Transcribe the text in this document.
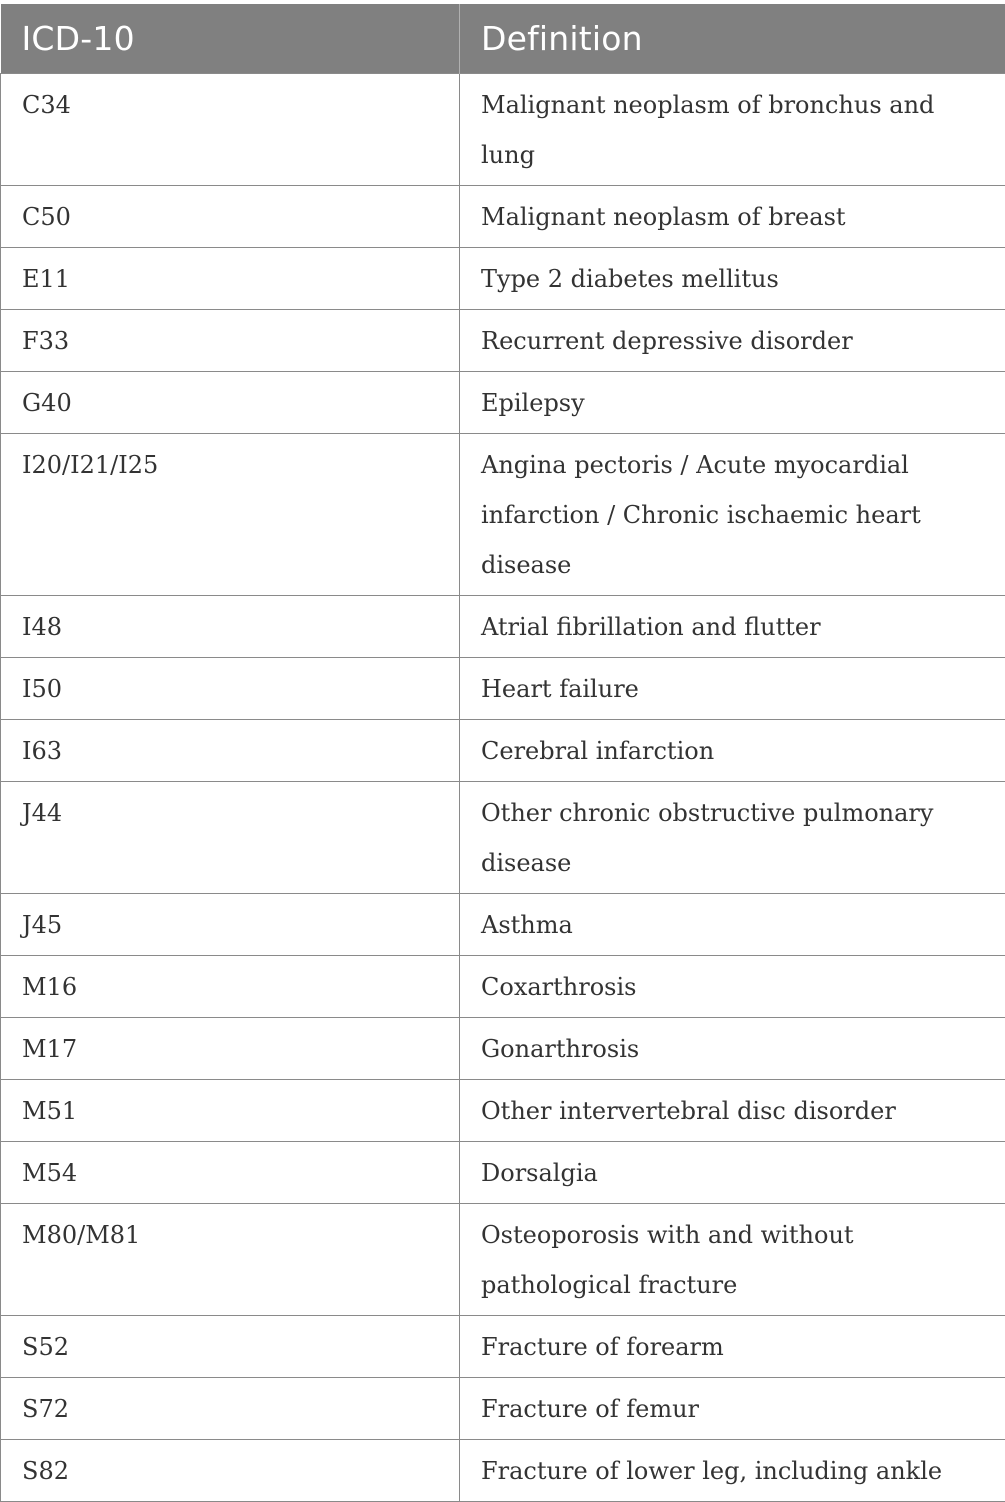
ICD-10	Definition
C34	Malignant neoplasm of bronchus and lung
C50	Malignant neoplasm of breast
E11	Type 2 diabetes mellitus
F33	Recurrent depressive disorder
G40	Epilepsy
I20/I21/I25	Angina pectoris / Acute myocardial infarction / Chronic ischaemic heart disease
I48	Atrial fibrillation and flutter
I50	Heart failure
I63	Cerebral infarction
J44	Other chronic obstructive pulmonary disease
J45	Asthma
M16	Coxarthrosis
M17	Gonarthrosis
M51	Other intervertebral disc disorder
M54	Dorsalgia
M80/M81	Osteoporosis with and without pathological fracture
S52	Fracture of forearm
S72	Fracture of femur
S82	Fracture of lower leg, including ankle
